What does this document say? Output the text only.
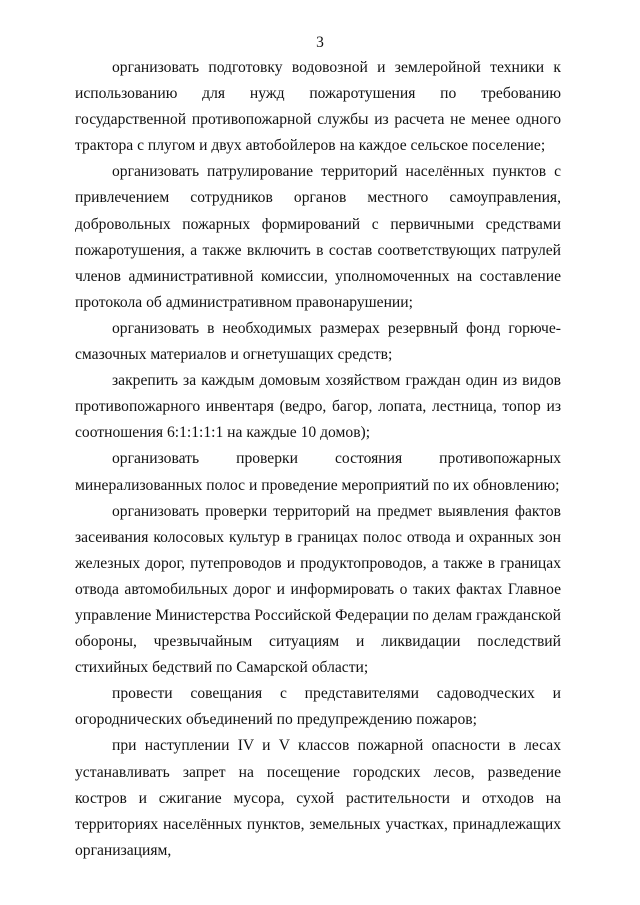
3

организовать подготовку водовозной и землеройной техники к использованию для нужд пожаротушения по требованию государственной противопожарной службы из расчета не менее одного трактора с плугом и двух автобойлеров на каждое сельское поселение;

организовать патрулирование территорий населённых пунктов с привлечением сотрудников органов местного самоуправления, добровольных пожарных формирований с первичными средствами пожаротушения, а также включить в состав соответствующих патрулей членов административной комиссии, уполномоченных на составление протокола об административном правонарушении;

организовать в необходимых размерах резервный фонд горюче-смазочных материалов и огнетушащих средств;

закрепить за каждым домовым хозяйством граждан один из видов противопожарного инвентаря (ведро, багор, лопата, лестница, топор из соотношения 6:1:1:1:1 на каждые 10 домов);

организовать проверки состояния противопожарных минерализованных полос и проведение мероприятий по их обновлению;

организовать проверки территорий на предмет выявления фактов засеивания колосовых культур в границах полос отвода и охранных зон железных дорог, путепроводов и продуктопроводов, а также в границах отвода автомобильных дорог и информировать о таких фактах Главное управление Министерства Российской Федерации по делам гражданской обороны, чрезвычайным ситуациям и ликвидации последствий стихийных бедствий по Самарской области;

провести совещания с представителями садоводческих и огороднических объединений по предупреждению пожаров;

при наступлении IV и V классов пожарной опасности в лесах устанавливать запрет на посещение городских лесов, разведение костров и сжигание мусора, сухой растительности и отходов на территориях населённых пунктов, земельных участках, принадлежащих организациям,
